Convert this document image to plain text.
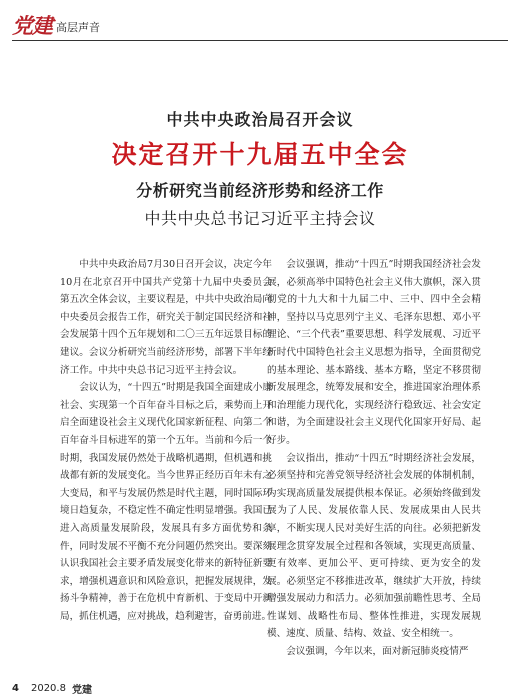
党建 高层声音
中共中央政治局召开会议
决定召开十九届五中全会
分析研究当前经济形势和经济工作
中共中央总书记习近平主持会议

中共中央政治局7月30日召开会议，决定今年10月在北京召开中国共产党第十九届中央委员会第五次全体会议，主要议程是，中共中央政治局向中央委员会报告工作，研究关于制定国民经济和社会发展第十四个五年规划和二〇三五年远景目标的建议。会议分析研究当前经济形势，部署下半年经济工作。中共中央总书记习近平主持会议。

会议认为，“十四五”时期是我国全面建成小康社会、实现第一个百年奋斗目标之后，乘势而上开启全面建设社会主义现代化国家新征程、向第二个百年奋斗目标进军的第一个五年。当前和今后一个时期，我国发展仍然处于战略机遇期，但机遇和挑战都有新的发展变化。当今世界正经历百年未有之大变局，和平与发展仍然是时代主题，同时国际环境日趋复杂，不稳定性不确定性明显增强。我国已进入高质量发展阶段，发展具有多方面优势和条件，同时发展不平衡不充分问题仍然突出。要深刻认识我国社会主要矛盾发展变化带来的新特征新要求，增强机遇意识和风险意识，把握发展规律，发扬斗争精神，善于在危机中育新机、于变局中开新局，抓住机遇，应对挑战，趋利避害，奋勇前进。

会议强调，推动“十四五”时期我国经济社会发展，必须高举中国特色社会主义伟大旗帜，深入贯彻党的十九大和十九届二中、三中、四中全会精神，坚持以马克思列宁主义、毛泽东思想、邓小平理论、“三个代表”重要思想、科学发展观、习近平新时代中国特色社会主义思想为指导，全面贯彻党的基本理论、基本路线、基本方略，坚定不移贯彻新发展理念，统筹发展和安全，推进国家治理体系和治理能力现代化，实现经济行稳致远、社会安定和谐，为全面建设社会主义现代化国家开好局、起好步。

会议指出，推动“十四五”时期经济社会发展，必须坚持和完善党领导经济社会发展的体制机制，为实现高质量发展提供根本保证。必须始终做到发展为了人民、发展依靠人民、发展成果由人民共享，不断实现人民对美好生活的向往。必须把新发展理念贯穿发展全过程和各领域，实现更高质量、更有效率、更加公平、更可持续、更为安全的发展。必须坚定不移推进改革，继续扩大开放，持续增强发展动力和活力。必须加强前瞻性思考、全局性谋划、战略性布局、整体性推进，实现发展规模、速度、质量、结构、效益、安全相统一。

会议强调，今年以来，面对新冠肺炎疫情严

4 2020.8 党建
